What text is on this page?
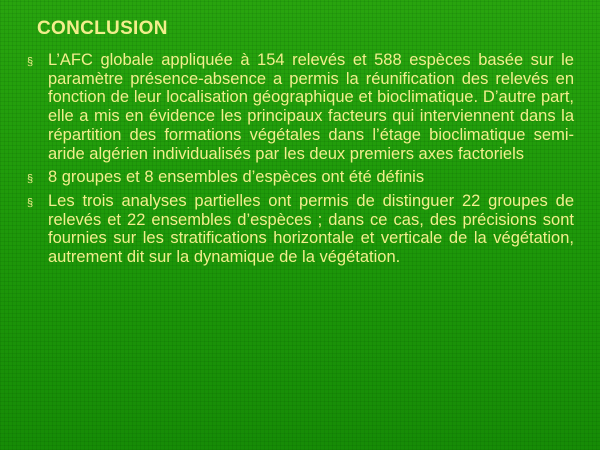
CONCLUSION
§ L’AFC globale appliquée à 154 relevés et 588 espèces basée sur le paramètre présence-absence a permis la réunification des relevés en fonction de leur localisation géographique et bioclimatique. D’autre part, elle a mis en évidence les principaux facteurs qui interviennent dans la répartition des formations végétales dans l’étage bioclimatique semi-aride algérien individualisés par les deux premiers axes factoriels
§ 8 groupes et 8 ensembles d’espèces ont été définis
§ Les trois analyses partielles ont permis de distinguer 22 groupes de relevés et 22 ensembles d’espèces ; dans ce cas, des précisions sont fournies sur les stratifications horizontale et verticale de la végétation, autrement dit sur la dynamique de la végétation.
